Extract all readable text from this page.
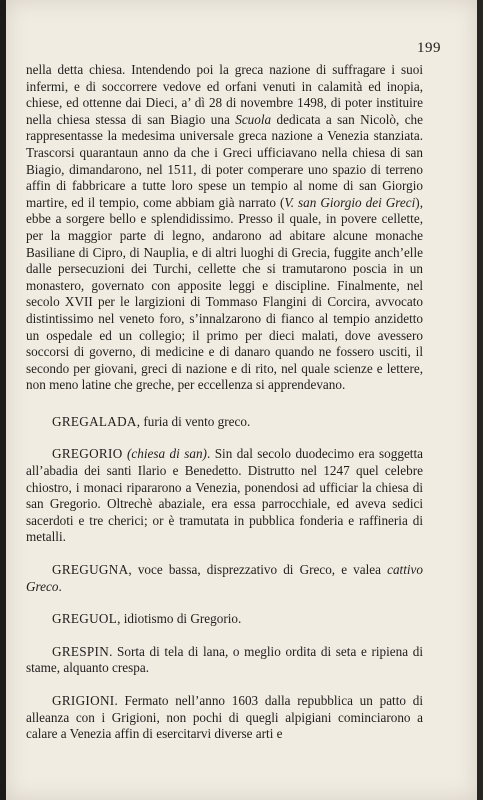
199

nella detta chiesa. Intendendo poi la greca nazione di suffragare i suoi infermi, e di soccorrere vedove ed orfani venuti in calamità ed inopia, chiese, ed ottenne dai Dieci, a’ dì 28 di novembre 1498, di poter instituire nella chiesa stessa di san Biagio una Scuola dedicata a san Nicolò, che rappresentasse la medesima universale greca nazione a Venezia stanziata. Trascorsi quarantaun anno da che i Greci ufficiavano nella chiesa di san Biagio, dimandarono, nel 1511, di poter comperare uno spazio di terreno affin di fabbricare a tutte loro spese un tempio al nome di san Giorgio martire, ed il tempio, come abbiam già narrato (V. san Giorgio dei Greci), ebbe a sorgere bello e splendidissimo. Presso il quale, in povere cellette, per la maggior parte di legno, andarono ad abitare alcune monache Basiliane di Cipro, di Nauplia, e di altri luoghi di Grecia, fuggite anch’elle dalle persecuzioni dei Turchi, cellette che si tramutarono poscia in un monastero, governato con apposite leggi e discipline. Finalmente, nel secolo XVII per le largizioni di Tommaso Flangini di Corcira, avvocato distintissimo nel veneto foro, s’innalzarono di fianco al tempio anzidetto un ospedale ed un collegio; il primo per dieci malati, dove avessero soccorsi di governo, di medicine e di danaro quando ne fossero usciti, il secondo per giovani, greci di nazione e di rito, nel quale scienze e lettere, non meno latine che greche, per eccellenza si apprendevano.

GREGALADA, furia di vento greco.

GREGORIO (chiesa di san). Sin dal secolo duodecimo era soggetta all’abadia dei santi Ilario e Benedetto. Distrutto nel 1247 quel celebre chiostro, i monaci ripararono a Venezia, ponendosi ad ufficiar la chiesa di san Gregorio. Oltrechè abaziale, era essa parrocchiale, ed aveva sedici sacerdoti e tre cherici; or è tramutata in pubblica fonderia e raffineria di metalli.

GREGUGNA, voce bassa, disprezzativo di Greco, e valea cattivo Greco.

GREGUOL, idiotismo di Gregorio.

GRESPIN. Sorta di tela di lana, o meglio ordita di seta e ripiena di stame, alquanto crespa.

GRIGIONI. Fermato nell’anno 1603 dalla repubblica un patto di alleanza con i Grigioni, non pochi di quegli alpigiani cominciarono a calare a Venezia affin di esercitarvi diverse arti e
